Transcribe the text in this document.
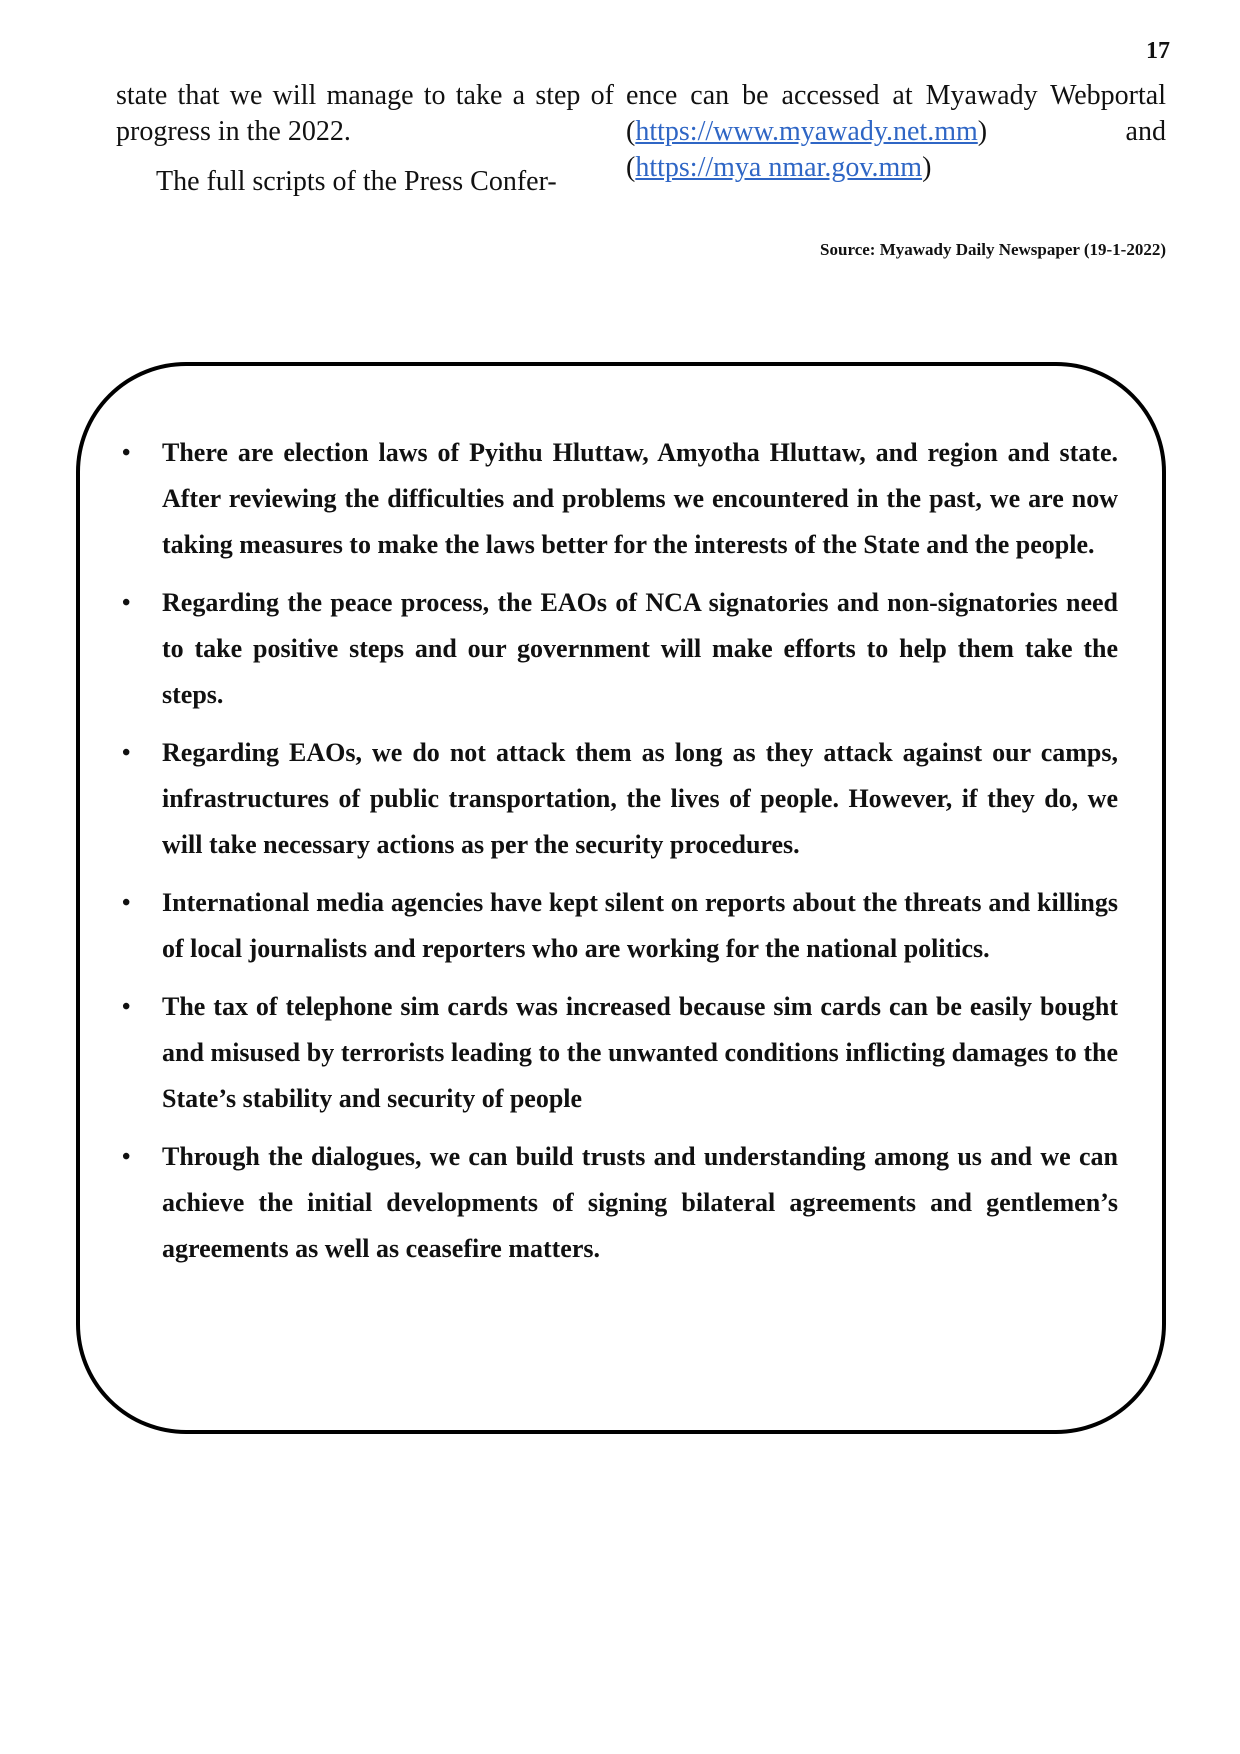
17

state that we will manage to take a step of progress in the 2022.

The full scripts of the Press Confer-

ence can be accessed at Myawady Webportal (https://www.myawady.net.mm) and (https://mya nmar.gov.mm)

Source: Myawady Daily Newspaper (19-1-2022)
• There are election laws of Pyithu Hluttaw, Amyotha Hluttaw, and region and state. After reviewing the difficulties and problems we encountered in the past, we are now taking measures to make the laws better for the interests of the State and the people.
• Regarding the peace process, the EAOs of NCA signatories and non-signatories need to take positive steps and our government will make efforts to help them take the steps.
• Regarding EAOs, we do not attack them as long as they attack against our camps, infrastructures of public transportation, the lives of people. However, if they do, we will take necessary actions as per the security procedures.
• International media agencies have kept silent on reports about the threats and killings of local journalists and reporters who are working for the national politics.
• The tax of telephone sim cards was increased because sim cards can be easily bought and misused by terrorists leading to the unwanted conditions inflicting damages to the State’s stability and security of people
• Through the dialogues, we can build trusts and understanding among us and we can achieve the initial developments of signing bilateral agreements and gentlemen’s agreements as well as ceasefire matters.
